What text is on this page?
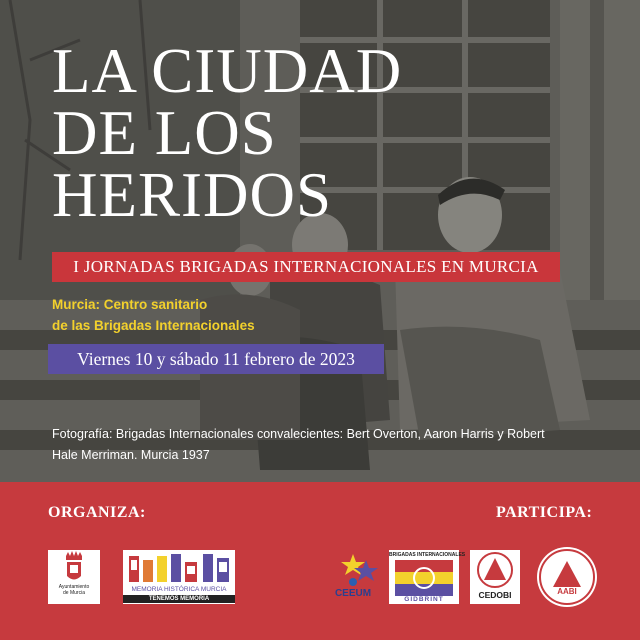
LA CIUDAD
DE LOS
HERIDOS
I JORNADAS BRIGADAS INTERNACIONALES EN MURCIA
Murcia: Centro sanitario
de las Brigadas Internacionales
Viernes 10 y sábado 11 febrero de 2023
Fotografía: Brigadas Internacionales convalecientes: Bert Overton, Aaron Harris y Robert Hale Merriman. Murcia 1937
ORGANIZA:	PARTICIPA:
Ayuntamiento
de Murcia	MEMORIA HISTÓRICA MURCIA
TENEMOS MEMORIA	CEEUM
BRIGADAS INTERNACIONALES
GIDBRINT	CEDOBI	AABI
